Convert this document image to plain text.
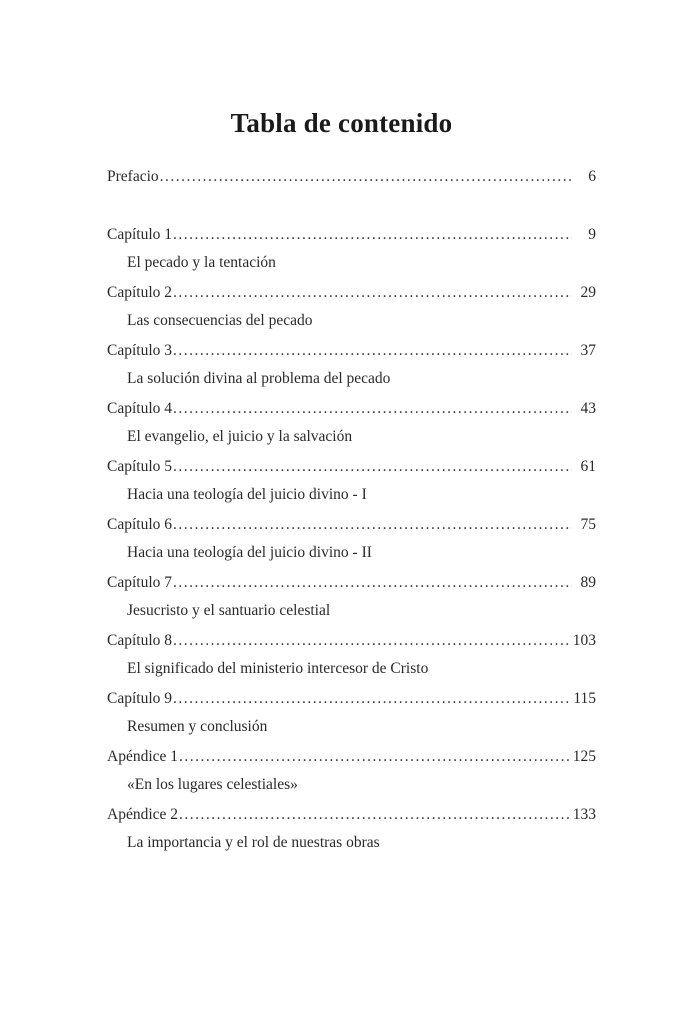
Tabla de contenido
Prefacio .....	6
Capítulo 1 .....	9
El pecado y la tentación
Capítulo 2 .....	29
Las consecuencias del pecado
Capítulo 3 .....	37
La solución divina al problema del pecado
Capítulo 4 .....	43
El evangelio, el juicio y la salvación
Capítulo 5 .....	61
Hacia una teología del juicio divino - I
Capítulo 6 .....	75
Hacia una teología del juicio divino - II
Capítulo 7 .....	89
Jesucristo y el santuario celestial
Capítulo 8 .....	103
El significado del ministerio intercesor de Cristo
Capítulo 9 .....	115
Resumen y conclusión
Apéndice 1 .....	125
«En los lugares celestiales»
Apéndice 2 .....	133
La importancia y el rol de nuestras obras
